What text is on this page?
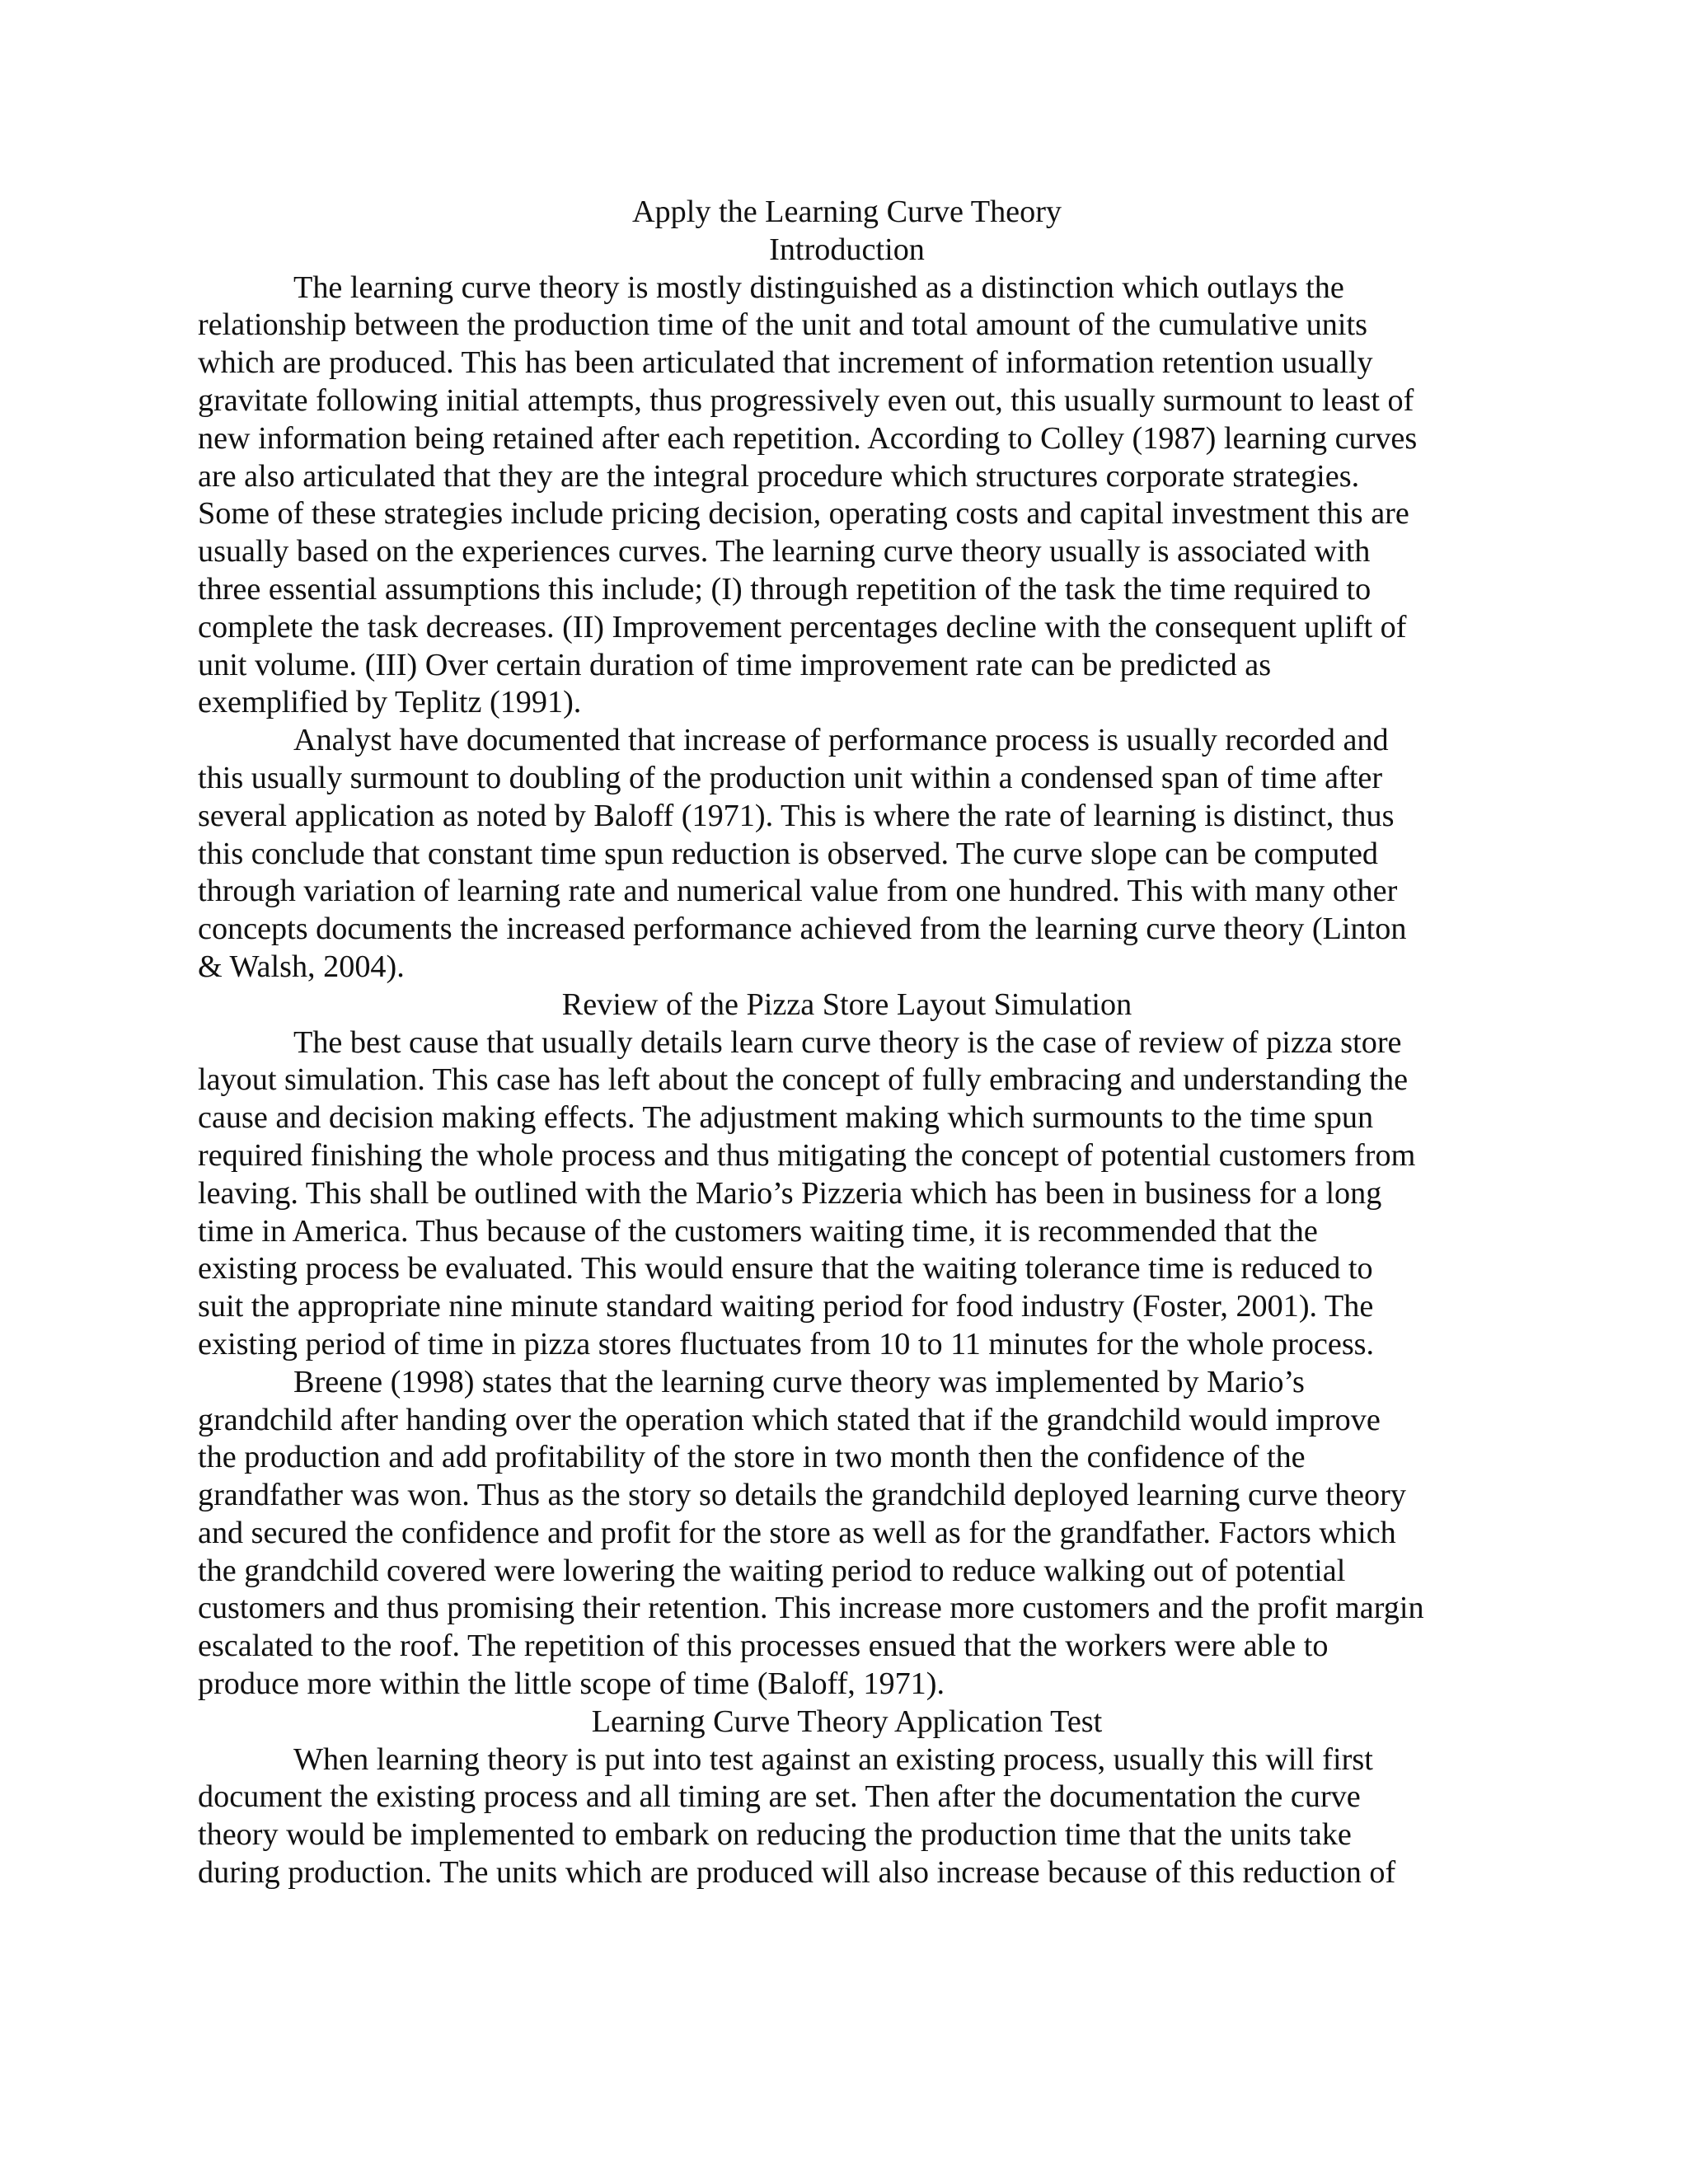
Apply the Learning Curve Theory
Introduction
The learning curve theory is mostly distinguished as a distinction which outlays the
relationship between the production time of the unit and total amount of the cumulative units
which are produced. This has been articulated that increment of information retention usually
gravitate following initial attempts, thus progressively even out, this usually surmount to least of
new information being retained after each repetition. According to Colley (1987) learning curves
are also articulated that they are the integral procedure which structures corporate strategies.
Some of these strategies include pricing decision, operating costs and capital investment this are
usually based on the experiences curves. The learning curve theory usually is associated with
three essential assumptions this include; (I) through repetition of the task the time required to
complete the task decreases. (II) Improvement percentages decline with the consequent uplift of
unit volume. (III) Over certain duration of time improvement rate can be predicted as
exemplified by Teplitz (1991).
Analyst have documented that increase of performance process is usually recorded and
this usually surmount to doubling of the production unit within a condensed span of time after
several application as noted by Baloff (1971). This is where the rate of learning is distinct, thus
this conclude that constant time spun reduction is observed. The curve slope can be computed
through variation of learning rate and numerical value from one hundred. This with many other
concepts documents the increased performance achieved from the learning curve theory (Linton
& Walsh, 2004).
Review of the Pizza Store Layout Simulation
The best cause that usually details learn curve theory is the case of review of pizza store
layout simulation. This case has left about the concept of fully embracing and understanding the
cause and decision making effects. The adjustment making which surmounts to the time spun
required finishing the whole process and thus mitigating the concept of potential customers from
leaving. This shall be outlined with the Mario’s Pizzeria which has been in business for a long
time in America. Thus because of the customers waiting time, it is recommended that the
existing process be evaluated. This would ensure that the waiting tolerance time is reduced to
suit the appropriate nine minute standard waiting period for food industry (Foster, 2001). The
existing period of time in pizza stores fluctuates from 10 to 11 minutes for the whole process.
Breene (1998) states that the learning curve theory was implemented by Mario’s
grandchild after handing over the operation which stated that if the grandchild would improve
the production and add profitability of the store in two month then the confidence of the
grandfather was won. Thus as the story so details the grandchild deployed learning curve theory
and secured the confidence and profit for the store as well as for the grandfather. Factors which
the grandchild covered were lowering the waiting period to reduce walking out of potential
customers and thus promising their retention. This increase more customers and the profit margin
escalated to the roof. The repetition of this processes ensued that the workers were able to
produce more within the little scope of time (Baloff, 1971).
Learning Curve Theory Application Test
When learning theory is put into test against an existing process, usually this will first
document the existing process and all timing are set. Then after the documentation the curve
theory would be implemented to embark on reducing the production time that the units take
during production. The units which are produced will also increase because of this reduction of
